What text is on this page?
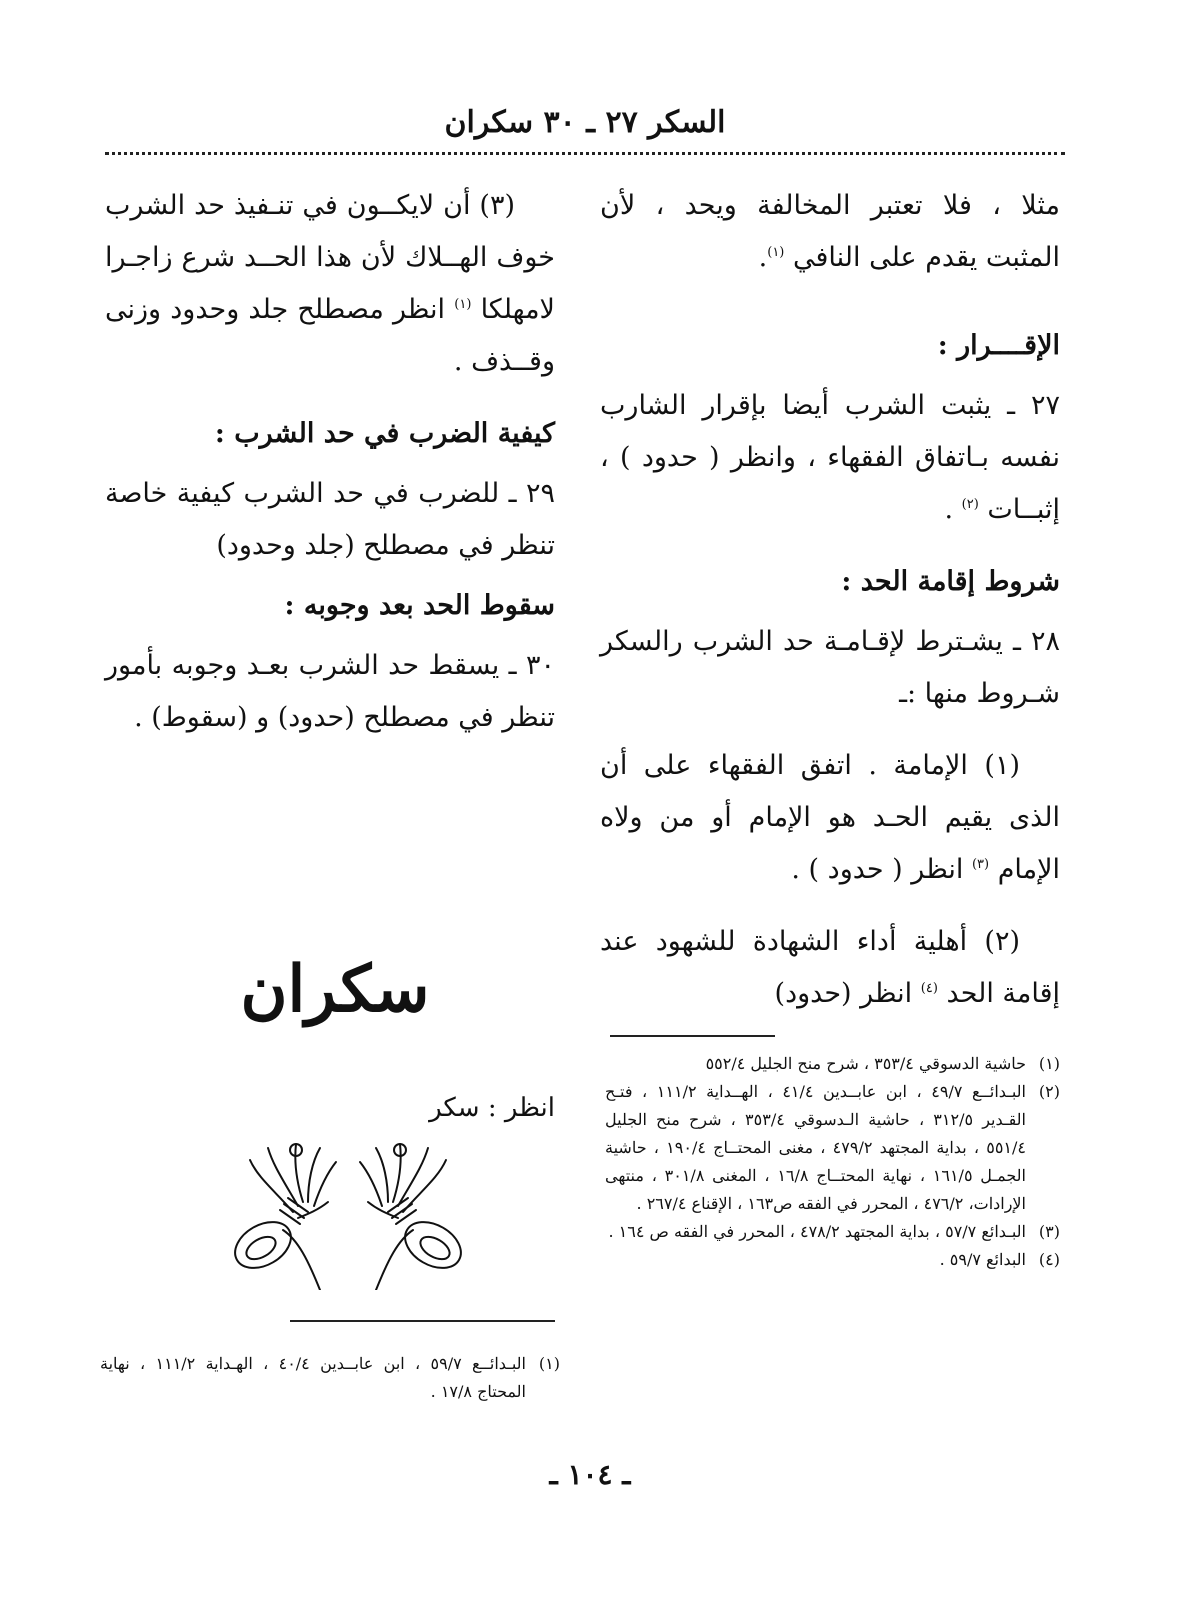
السكر ٢٧ ـ ٣٠ سكران

مثلا ، فلا تعتبر المخالفة ويحد ، لأن المثبت يقدم على النافي $^{(١)}$.

الإقــــرار :

٢٧ ـ يثبت الشرب أيضا بإقرار الشارب نفسه بـاتفاق الفقهاء ، وانظر ( حدود ) ، إثبــات $^{(٢)}$ .

شروط إقامة الحد :

٢٨ ـ يشـترط لإقـامـة حد الشرب رالسكر شـروط منها :ـ

(١) الإمامة . اتفق الفقهاء على أن الذى يقيم الحـد هو الإمام أو من ولاه الإمام $^{(٣)}$ انظر ( حدود ) .

(٢) أهلية أداء الشهادة للشهود عند إقامة الحد $^{(٤)}$ انظر (حدود)

(٣) أن لايكــون في تنـفيذ حد الشرب خوف الهــلاك لأن هذا الحــد شرع زاجـرا لامهلكا $^{(١)}$ انظر مصطلح جلد وحدود وزنى وقــذف .

كيفية الضرب في حد الشرب :

٢٩ ـ للضرب في حد الشرب كيفية خاصة تنظر في مصطلح (جلد وحدود)

سقوط الحد بعد وجوبه :

٣٠ ـ يسقط حد الشرب بعـد وجوبه بأمور تنظر في مصطلح (حدود) و (سقوط) .

سكران
انظر : سكر
(١)
حاشية الدسوقي ٣٥٣/٤ ، شرح منح الجليل ٥٥٢/٤
(٢)
البـدائــع ٤٩/٧ ، ابن عابــدين ٤١/٤ ، الهــداية ١١١/٢ ، فتـح القـدير ٣١٢/٥ ، حاشية الـدسوقي ٣٥٣/٤ ، شرح منح الجليل ٥٥١/٤ ، بداية المجتهد ٤٧٩/٢ ، مغنى المحتــاج ١٩٠/٤ ، حاشية الجمـل ١٦١/٥ ، نهاية المحتــاج ١٦/٨ ، المغنى ٣٠١/٨ ، منتهى الإرادات، ٤٧٦/٢ ، المحرر في الفقه ص١٦٣ ، الإقناع ٢٦٧/٤ .
(٣)
البـدائع ٥٧/٧ ، بداية المجتهد ٤٧٨/٢ ، المحرر في الفقه ص ١٦٤ .
(٤)
البدائع ٥٩/٧ .
(١)
البـدائــع ٥٩/٧ ، ابن عابــدين ٤٠/٤ ، الهـداية ١١١/٢ ، نهاية المحتاج ١٧/٨ .
ـ ١٠٤ ـ
